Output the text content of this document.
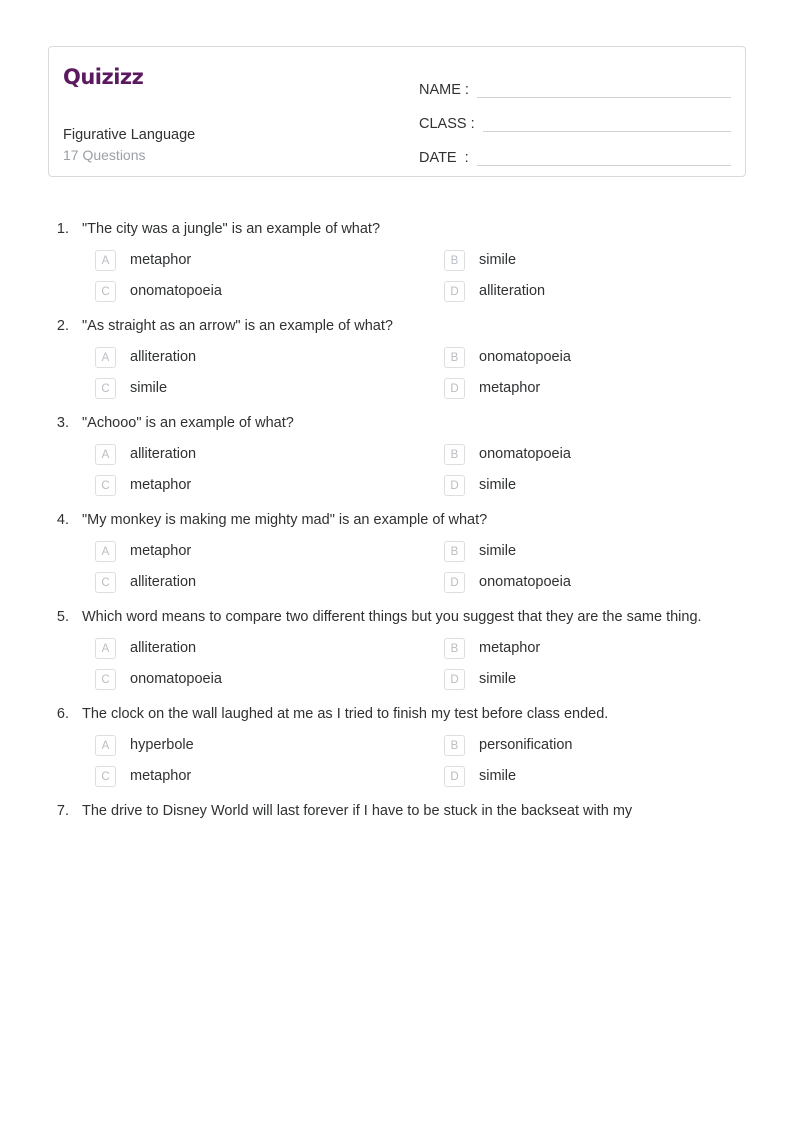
Quizizz
Figurative Language
17 Questions
NAME :
CLASS :
DATE  :
1. "The city was a jungle" is an example of what?
A	metaphor	B	simile
C	onomatopoeia	D	alliteration
2. "As straight as an arrow" is an example of what?
A	alliteration	B	onomatopoeia
C	simile	D	metaphor
3. "Achooo" is an example of what?
A	alliteration	B	onomatopoeia
C	metaphor	D	simile
4. "My monkey is making me mighty mad" is an example of what?
A	metaphor	B	simile
C	alliteration	D	onomatopoeia
5. Which word means to compare two different things but you suggest that they are the same thing.
A	alliteration	B	metaphor
C	onomatopoeia	D	simile
6. The clock on the wall laughed at me as I tried to finish my test before class ended.
A	hyperbole	B	personification
C	metaphor	D	simile
7. The drive to Disney World will last forever if I have to be stuck in the backseat with my
